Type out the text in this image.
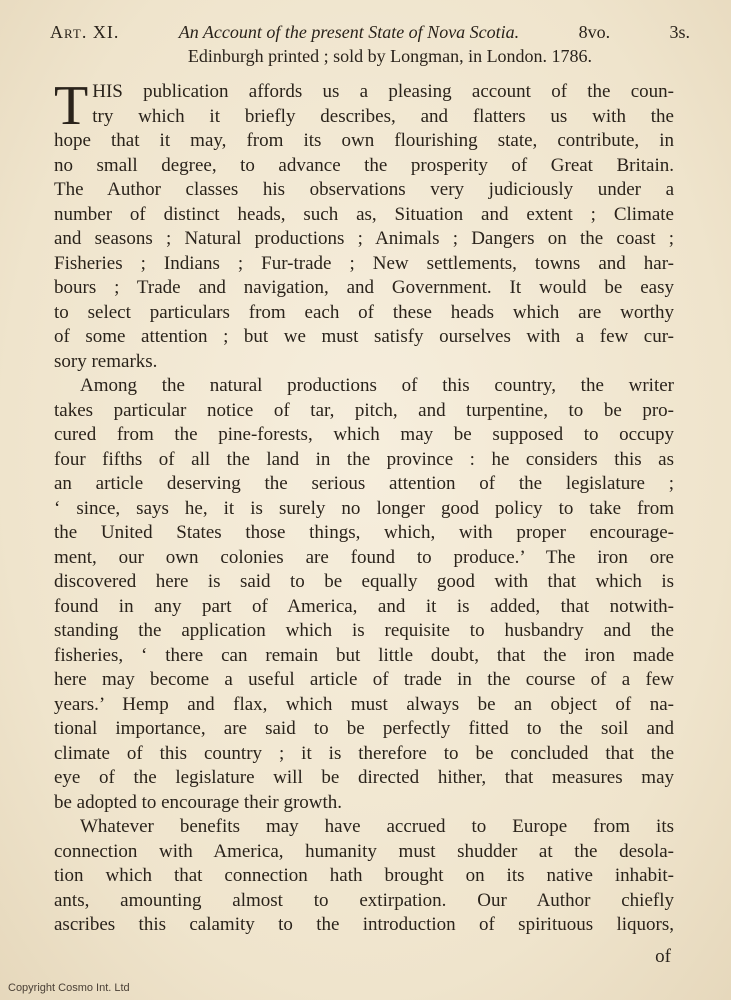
Art. XI.	An Account of the present State of Nova Scotia.	8vo.	3s.
Edinburgh printed ; sold by Longman, in London. 1786.
T HIS publication affords us a pleasing account of the coun-
try which it briefly describes, and flatters us with the
hope that it may, from its own flourishing state, contribute, in
no small degree, to advance the prosperity of Great Britain.
The Author classes his observations very judiciously under a
number of distinct heads, such as, Situation and extent ; Climate
and seasons ; Natural productions ; Animals ; Dangers on the coast ;
Fisheries ; Indians ; Fur-trade ; New settlements, towns and har-
bours ; Trade and navigation, and Government. It would be easy
to select particulars from each of these heads which are worthy
of some attention ; but we must satisfy ourselves with a few cur-
sory remarks.
Among the natural productions of this country, the writer
takes particular notice of tar, pitch, and turpentine, to be pro-
cured from the pine-forests, which may be supposed to occupy
four fifths of all the land in the province : he considers this as
an article deserving the serious attention of the legislature ;
‘ since, says he, it is surely no longer good policy to take from
the United States those things, which, with proper encourage-
ment, our own colonies are found to produce.’ The iron ore
discovered here is said to be equally good with that which is
found in any part of America, and it is added, that notwith-
standing the application which is requisite to husbandry and the
fisheries, ‘ there can remain but little doubt, that the iron made
here may become a useful article of trade in the course of a few
years.’ Hemp and flax, which must always be an object of na-
tional importance, are said to be perfectly fitted to the soil and
climate of this country ; it is therefore to be concluded that the
eye of the legislature will be directed hither, that measures may
be adopted to encourage their growth.
Whatever benefits may have accrued to Europe from its
connection with America, humanity must shudder at the desola-
tion which that connection hath brought on its native inhabit-
ants, amounting almost to extirpation. Our Author chiefly
ascribes this calamity to the introduction of spirituous liquors,
of
Copyright Cosmo Int. Ltd
